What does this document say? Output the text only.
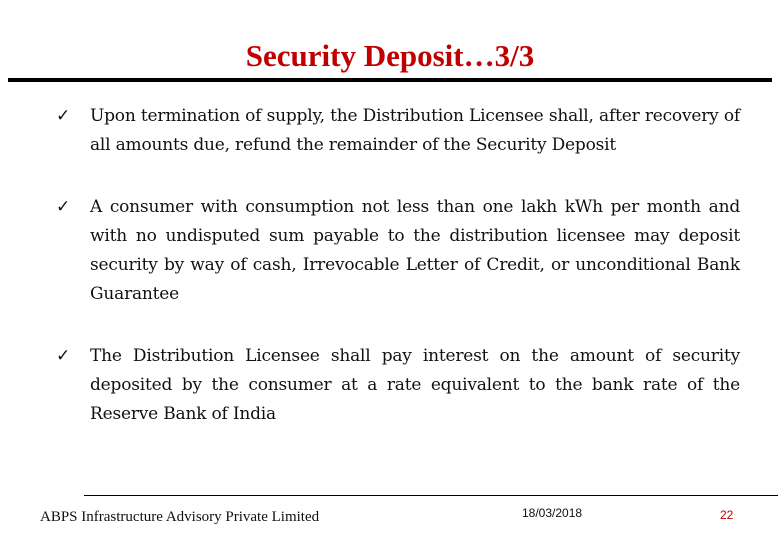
Security Deposit…3/3
✓ Upon termination of supply, the Distribution Licensee shall, after recovery of all amounts due, refund the remainder of the Security Deposit
✓ A consumer with consumption not less than one lakh kWh per month and with no undisputed sum payable to the distribution licensee may deposit security by way of cash, Irrevocable Letter of Credit, or unconditional Bank Guarantee
✓ The Distribution Licensee shall pay interest on the amount of security deposited by the consumer at a rate equivalent to the bank rate of the Reserve Bank of India
ABPS Infrastructure Advisory Private Limited	18/03/2018	22
